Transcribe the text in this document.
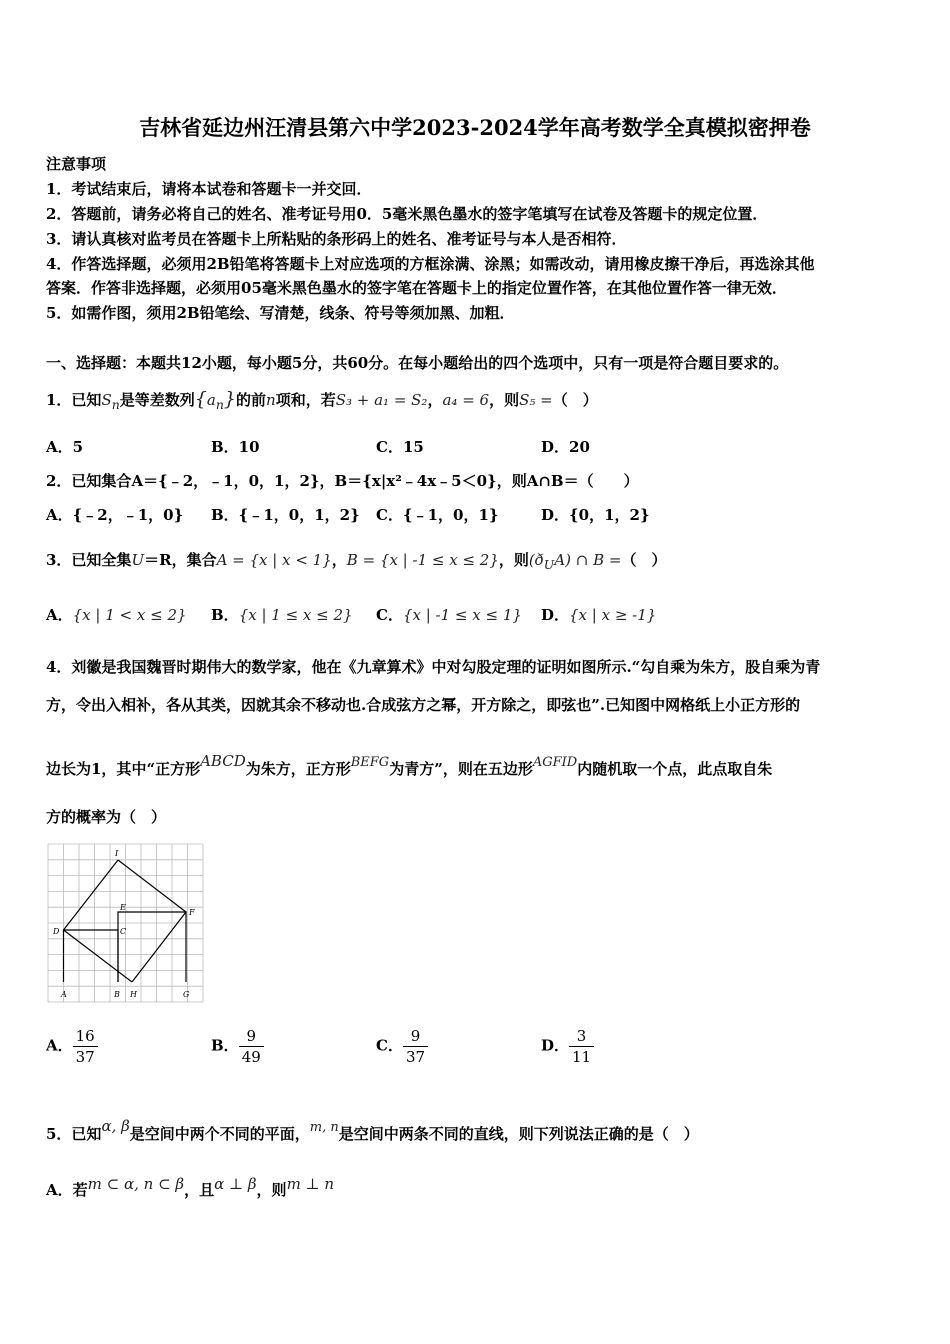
吉林省延边州汪清县第六中学2023-2024学年高考数学全真模拟密押卷
注意事项
1．考试结束后，请将本试卷和答题卡一并交回．
2．答题前，请务必将自己的姓名、准考证号用0．5毫米黑色墨水的签字笔填写在试卷及答题卡的规定位置．
3．请认真核对监考员在答题卡上所粘贴的条形码上的姓名、准考证号与本人是否相符．
4．作答选择题，必须用2B铅笔将答题卡上对应选项的方框涂满、涂黑；如需改动，请用橡皮擦干净后，再选涂其他
答案．作答非选择题，必须用05毫米黑色墨水的签字笔在答题卡上的指定位置作答，在其他位置作答一律无效．
5．如需作图，须用2B铅笔绘、写清楚，线条、符号等须加黑、加粗．
一、选择题：本题共12小题，每小题5分，共60分。在每小题给出的四个选项中，只有一项是符合题目要求的。
1．已知$S_n$是等差数列$\{a_n\}$的前n项和，若S₃ + a₁ = S₂，a₄ = 6，则S₅ =（　）
A．5	B．10	C．15	D．20
2．已知集合A＝{﹣2，﹣1，0，1，2}，B＝{x|x²﹣4x﹣5＜0}，则A∩B＝（　　）
A．{﹣2，﹣1，0} B．{﹣1，0，1，2} C．{﹣1，0，1}	D．{0，1，2}
3．已知全集U＝R，集合A = {x | x < 1}，B = {x | -1 ≤ x ≤ 2}，则$(ð_UA)$ ∩ B =（　）
A．{x | 1 < x ≤ 2} B．{x | 1 ≤ x ≤ 2} C．{x | -1 ≤ x ≤ 1} D．{x | x ≥ -1}
4．刘徽是我国魏晋时期伟大的数学家，他在《九章算术》中对勾股定理的证明如图所示.“勾自乘为朱方，股自乘为青
方，令出入相补，各从其类，因就其余不移动也.合成弦方之幂，开方除之，即弦也”.已知图中网格纸上小正方形的
边长为1，其中“正方形ABCD为朱方，正方形BEFG为青方”，则在五边形AGFID内随机取一个点，此点取自朱
方的概率为（　）
I
E
F
D	C
A	B H	G
A． $\frac{16}{37}$	B． $\frac{9}{49}$	C． $\frac{9}{37}$	D． $\frac{3}{11}$
5．已知α, β是空间中两个不同的平面，m, n是空间中两条不同的直线，则下列说法正确的是（　）
A．若m ⊂ α, n ⊂ β，且α ⊥ β，则m ⊥ n
